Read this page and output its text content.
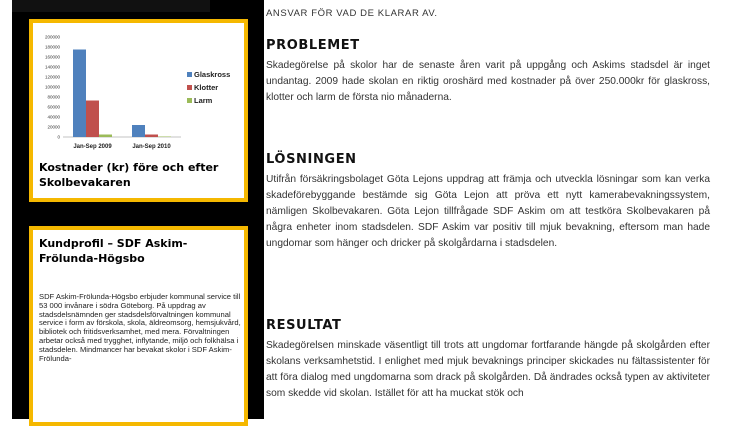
0
20000
40000
60000
80000
100000
120000
140000
160000
180000
200000
Jan-Sep 2009	Jan-Sep 2010
Glaskross
Klotter
Larm
Kostnader (kr) före och efter Skolbevakaren
Kundprofil – SDF Askim-Frölunda-Högsbo
SDF Askim-Frölunda-Högsbo erbjuder kommunal service till 53 000 invånare i södra Göteborg. På uppdrag av stadsdelsnämnden ger stadsdelsförvaltningen kommunal service i form av förskola, skola, äldreomsorg, hemsjukvård, bibliotek och fritidsverksamhet, med mera. Förvaltningen arbetar också med trygghet, inflytande, miljö och folkhälsa i stadsdelen. Mindmancer har bevakat skolor i SDF Askim-Frölunda-
ANSVAR FÖR VAD DE KLARAR AV.
PROBLEMET

Skadegörelse på skolor har de senaste åren varit på uppgång och Askims stadsdel är inget undantag. 2009 hade skolan en riktig oroshärd med kostnader på över 250.000kr för glaskross, klotter och larm de första nio månaderna.

LÖSNINGEN

Utifrån försäkringsbolaget Göta Lejons uppdrag att främja och utveckla lösningar som kan verka skadeförebyggande bestämde sig Göta Lejon att pröva ett nytt kamerabevakningssystem, nämligen Skolbevakaren. Göta Lejon tillfrågade SDF Askim om att testköra Skolbevakaren på några enheter inom stadsdelen. SDF Askim var positiv till mjuk bevakning, eftersom man hade ungdomar som hänger och dricker på skolgårdarna i stadsdelen.

RESULTAT

Skadegörelsen minskade väsentligt till trots att ungdomar fortfarande hängde på skolgården efter skolans verksamhetstid. I enlighet med mjuk bevaknings principer skickades nu fältassistenter för att föra dialog med ungdomarna som drack på skolgården. Då ändrades också typen av aktiviteter som skedde vid skolan. Istället för att ha muckat stök och
